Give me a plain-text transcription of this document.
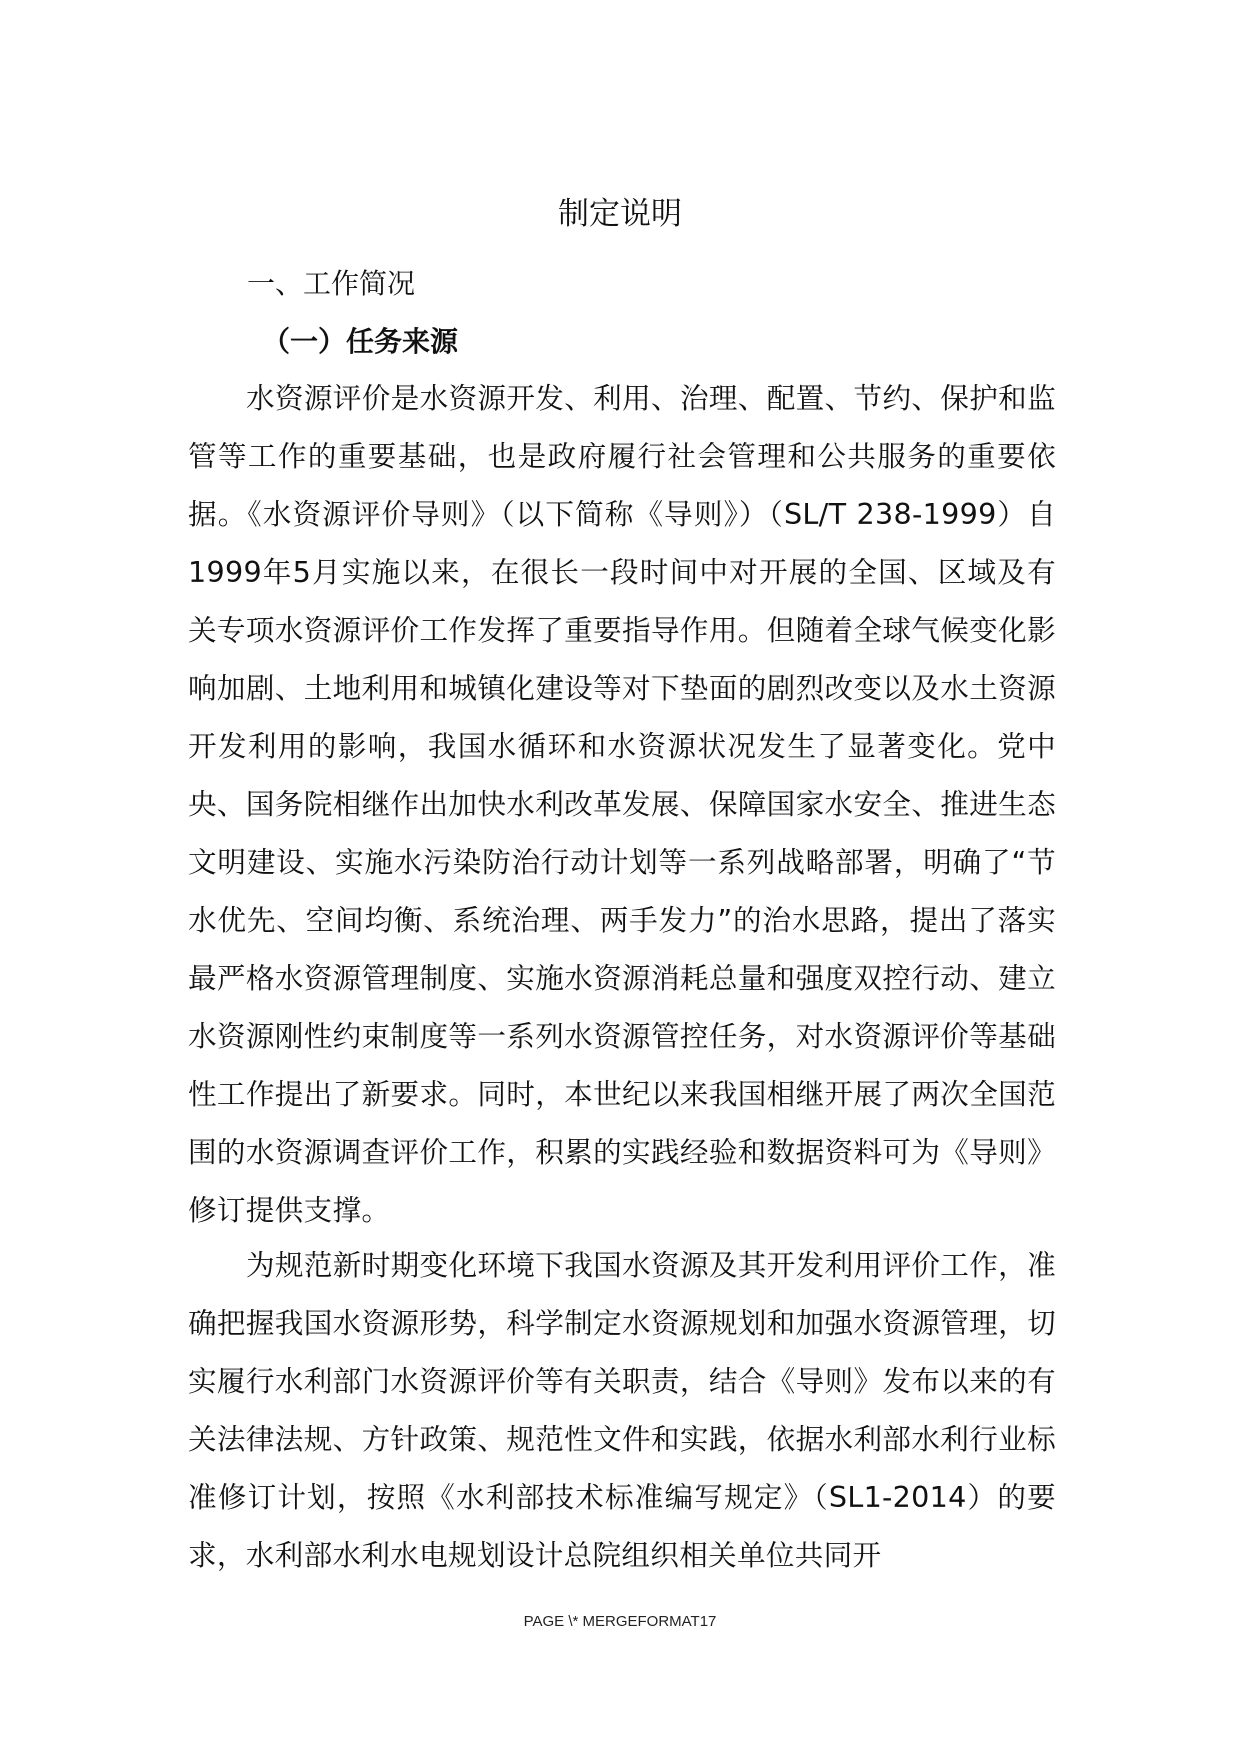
制定说明
一、工作简况
（一）任务来源

水资源评价是水资源开发、利用、治理、配置、节约、保护和监管等工作的重要基础，也是政府履行社会管理和公共服务的重要依据。《水资源评价导则》（以下简称《导则》）（SL/T 238-1999）自1999年5月实施以来，在很长一段时间中对开展的全国、区域及有关专项水资源评价工作发挥了重要指导作用。但随着全球气候变化影响加剧、土地利用和城镇化建设等对下垫面的剧烈改变以及水土资源开发利用的影响，我国水循环和水资源状况发生了显著变化。党中央、国务院相继作出加快水利改革发展、保障国家水安全、推进生态文明建设、实施水污染防治行动计划等一系列战略部署，明确了“节水优先、空间均衡、系统治理、两手发力”的治水思路，提出了落实最严格水资源管理制度、实施水资源消耗总量和强度双控行动、建立水资源刚性约束制度等一系列水资源管控任务，对水资源评价等基础性工作提出了新要求。同时，本世纪以来我国相继开展了两次全国范围的水资源调查评价工作，积累的实践经验和数据资料可为《导则》修订提供支撑。

为规范新时期变化环境下我国水资源及其开发利用评价工作，准确把握我国水资源形势，科学制定水资源规划和加强水资源管理，切实履行水利部门水资源评价等有关职责，结合《导则》发布以来的有关法律法规、方针政策、规范性文件和实践，依据水利部水利行业标准修订计划，按照《水利部技术标准编写规定》（SL1-2014）的要求，水利部水利水电规划设计总院组织相关单位共同开

PAGE \* MERGEFORMAT17
